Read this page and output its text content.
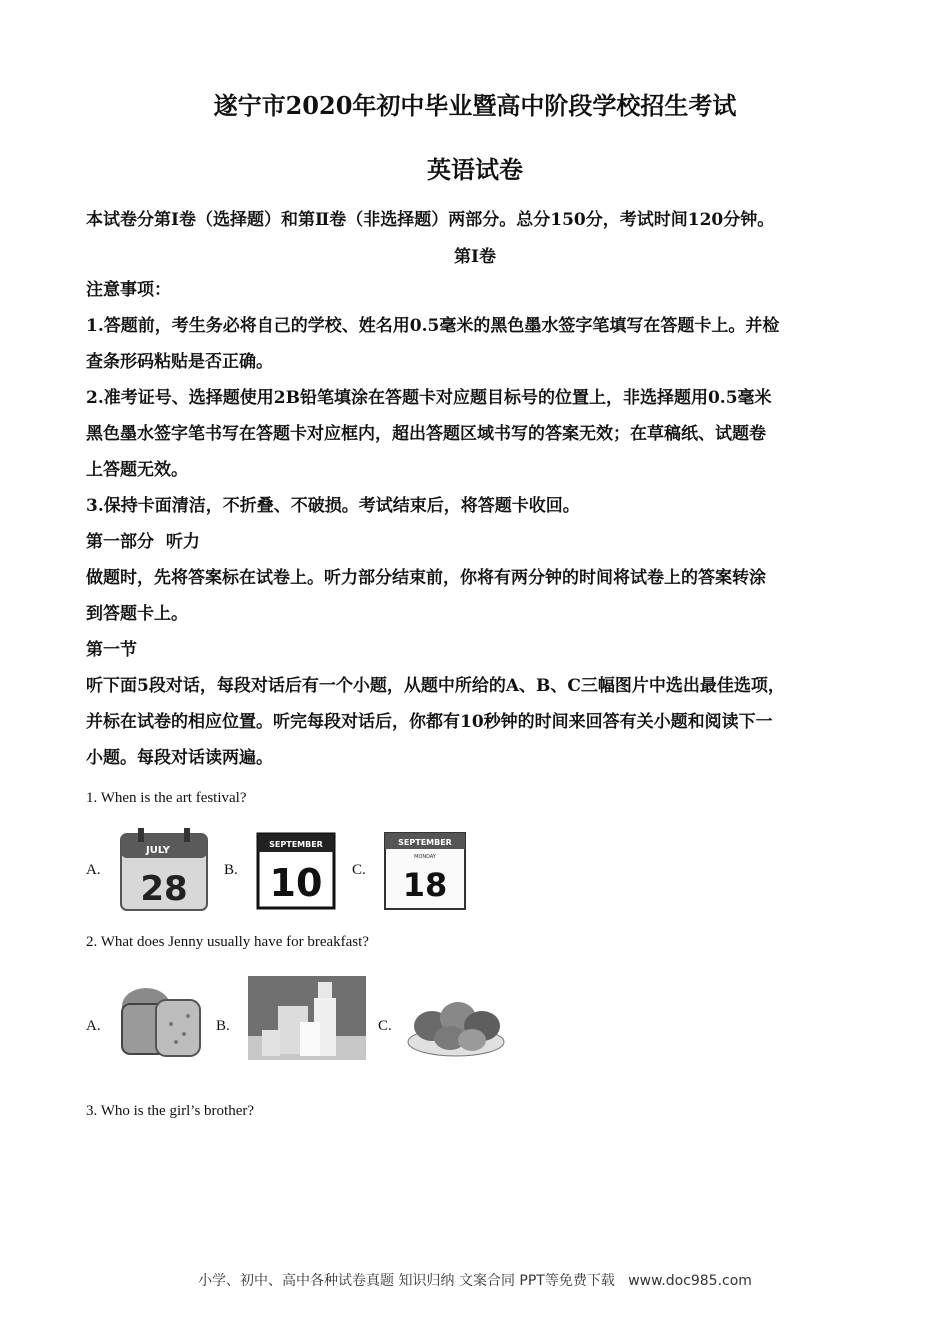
遂宁市2020年初中毕业暨高中阶段学校招生考试
英语试卷
本试卷分第Ⅰ卷（选择题）和第Ⅱ卷（非选择题）两部分。总分150分，考试时间120分钟。
第Ⅰ卷
注意事项：
1.答题前，考生务必将自己的学校、姓名用0.5毫米的黑色墨水签字笔填写在答题卡上。并检
查条形码粘贴是否正确。
2.准考证号、选择题使用2B铅笔填涂在答题卡对应题目标号的位置上，非选择题用0.5毫米
黑色墨水签字笔书写在答题卡对应框内，超出答题区域书写的答案无效；在草稿纸、试题卷
上答题无效。
3.保持卡面清洁，不折叠、不破损。考试结束后，将答题卡收回。
第一部分  听力
做题时，先将答案标在试卷上。听力部分结束前，你将有两分钟的时间将试卷上的答案转涂
到答题卡上。
第一节
听下面5段对话，每段对话后有一个小题，从题中所给的A、B、C三幅图片中选出最佳选项，
并标在试卷的相应位置。听完每段对话后，你都有10秒钟的时间来回答有关小题和阅读下一
小题。每段对话读两遍。
1. When is the art festival?
A.
JULY
28 B.
SEPTEMBER
10 C.
SEPTEMBER
MONDAY
18
2. What does Jenny usually have for breakfast?
A.	B.	C.
3. Who is the girl’s brother?
小学、初中、高中各种试卷真题 知识归纳 文案合同 PPT等免费下载   www.doc985.com
